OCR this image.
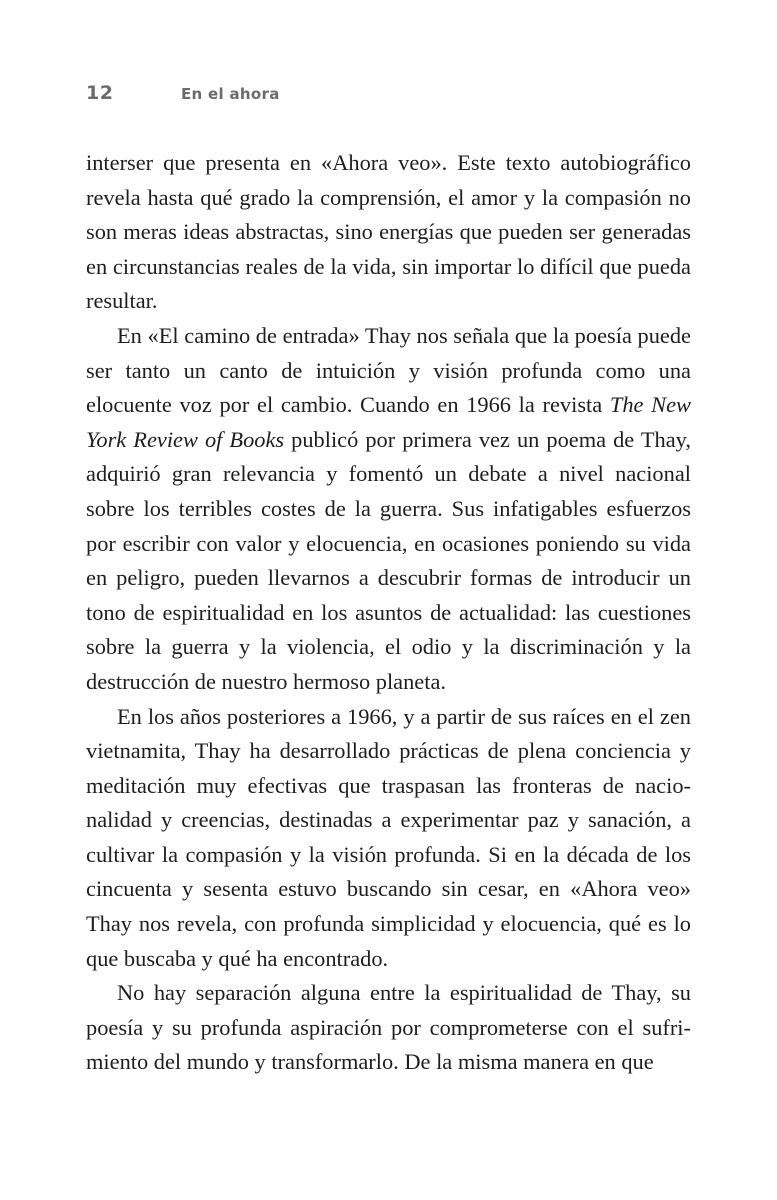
12	En el ahora

interser que presenta en «Ahora veo». Este texto autobiográfico revela hasta qué grado la comprensión, el amor y la compasión no son meras ideas abstractas, sino energías que pueden ser generadas en circunstancias reales de la vida, sin importar lo difícil que pueda resultar.

En «El camino de entrada» Thay nos señala que la poesía puede ser tanto un canto de intuición y visión profunda como una elocuente voz por el cambio. Cuando en 1966 la revista The New York Review of Books publicó por primera vez un poema de Thay, adquirió gran relevancia y fomentó un debate a nivel nacional sobre los terribles costes de la guerra. Sus infatigables esfuerzos por escribir con valor y elocuencia, en ocasiones poniendo su vida en peligro, pueden llevarnos a descubrir formas de introducir un tono de espiritualidad en los asuntos de actualidad: las cuestiones sobre la guerra y la violencia, el odio y la discriminación y la destrucción de nuestro hermoso planeta.

En los años posteriores a 1966, y a partir de sus raíces en el zen vietnamita, Thay ha desarrollado prácticas de plena conciencia y meditación muy efectivas que traspasan las fronteras de nacionalidad y creencias, destinadas a experimentar paz y sanación, a cultivar la compasión y la visión profunda. Si en la década de los cincuenta y sesenta estuvo buscando sin cesar, en «Ahora veo» Thay nos revela, con profunda simplicidad y elocuencia, qué es lo que buscaba y qué ha encontrado.

No hay separación alguna entre la espiritualidad de Thay, su poesía y su profunda aspiración por comprometerse con el sufrimiento del mundo y transformarlo. De la misma manera en que
